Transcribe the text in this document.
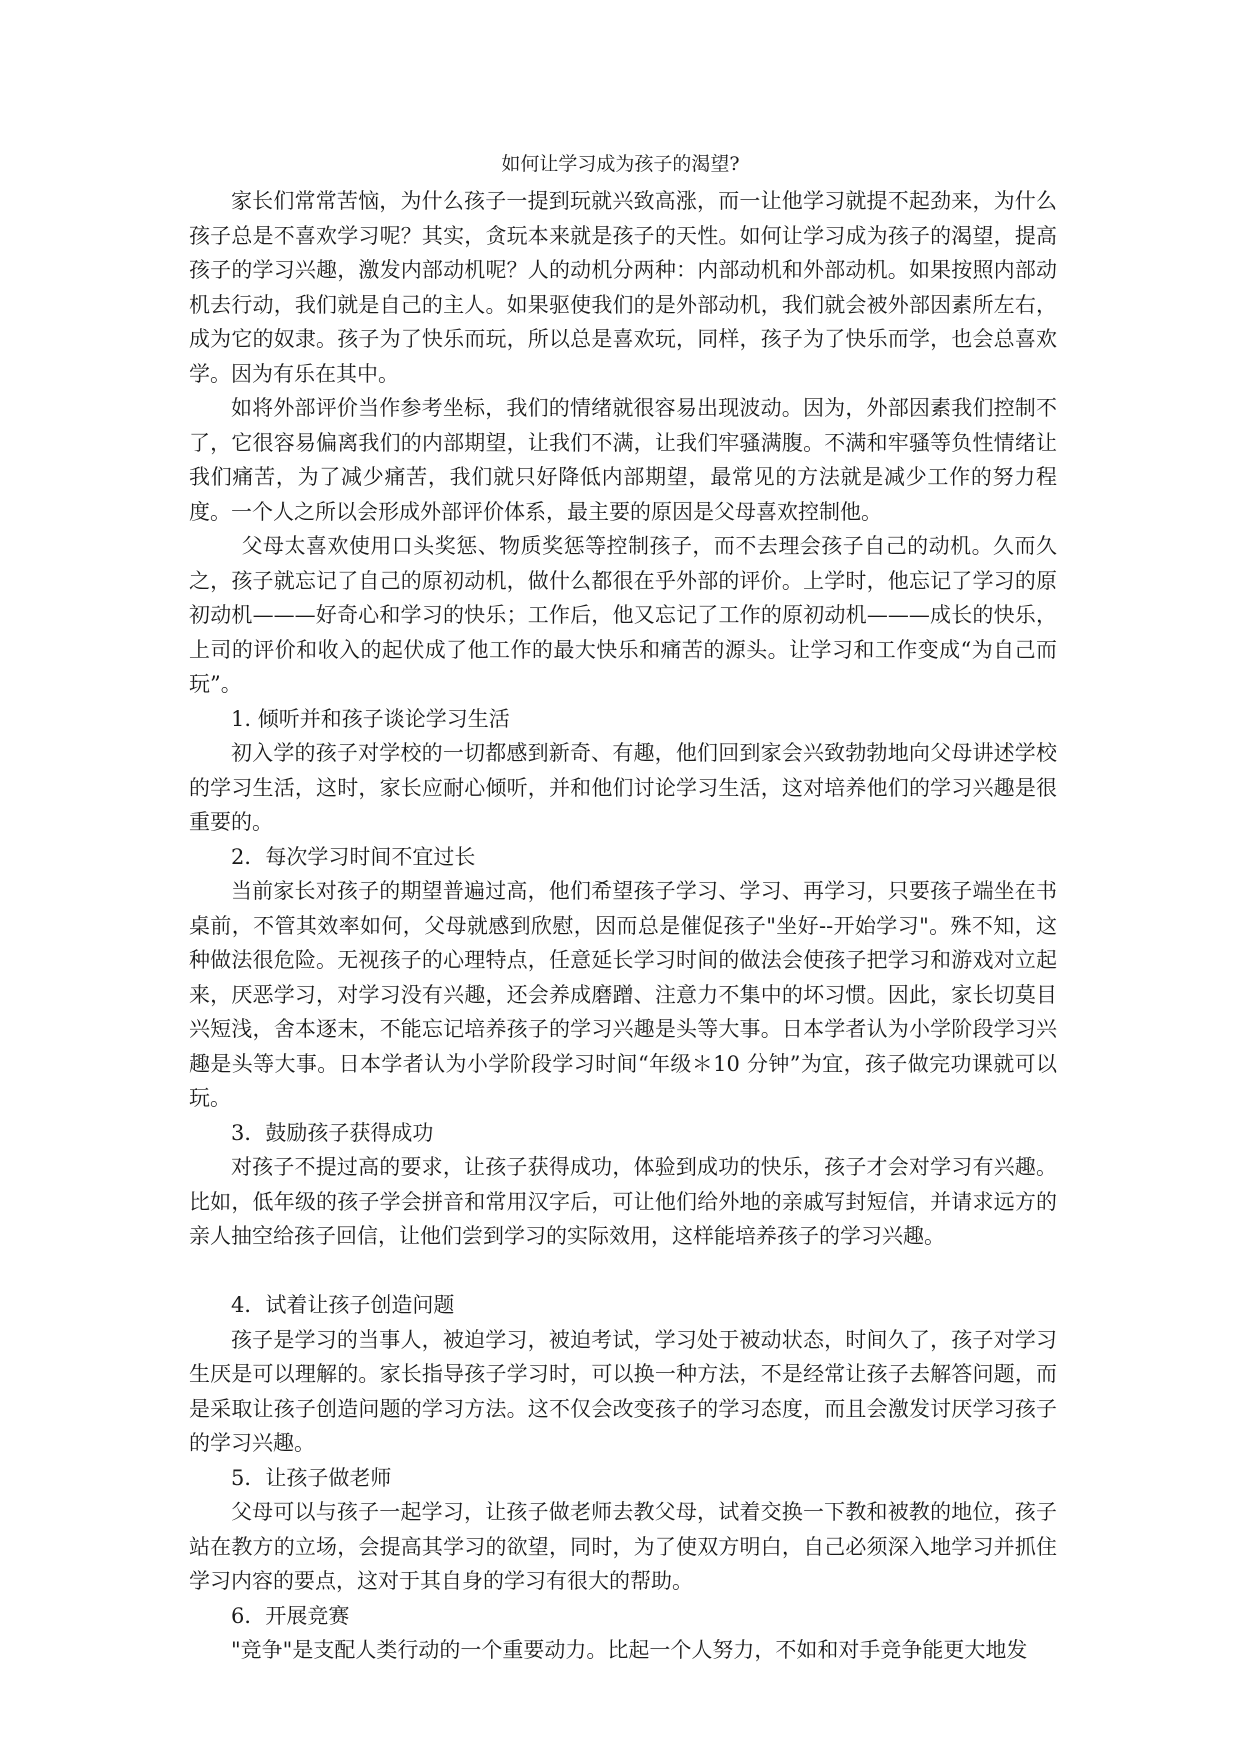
如何让学习成为孩子的渴望?

家长们常常苦恼，为什么孩子一提到玩就兴致高涨，而一让他学习就提不起劲来，为什么孩子总是不喜欢学习呢？其实，贪玩本来就是孩子的天性。如何让学习成为孩子的渴望，提高孩子的学习兴趣，激发内部动机呢？人的动机分两种：内部动机和外部动机。如果按照内部动机去行动，我们就是自己的主人。如果驱使我们的是外部动机，我们就会被外部因素所左右，成为它的奴隶。孩子为了快乐而玩，所以总是喜欢玩，同样，孩子为了快乐而学，也会总喜欢学。因为有乐在其中。

如将外部评价当作参考坐标，我们的情绪就很容易出现波动。因为，外部因素我们控制不了，它很容易偏离我们的内部期望，让我们不满，让我们牢骚满腹。不满和牢骚等负性情绪让我们痛苦，为了减少痛苦，我们就只好降低内部期望，最常见的方法就是减少工作的努力程度。一个人之所以会形成外部评价体系，最主要的原因是父母喜欢控制他。

父母太喜欢使用口头奖惩、物质奖惩等控制孩子，而不去理会孩子自己的动机。久而久之，孩子就忘记了自己的原初动机，做什么都很在乎外部的评价。上学时，他忘记了学习的原初动机———好奇心和学习的快乐；工作后，他又忘记了工作的原初动机———成长的快乐，上司的评价和收入的起伏成了他工作的最大快乐和痛苦的源头。让学习和工作变成“为自己而玩”。

1. 倾听并和孩子谈论学习生活

初入学的孩子对学校的一切都感到新奇、有趣，他们回到家会兴致勃勃地向父母讲述学校的学习生活，这时，家长应耐心倾听，并和他们讨论学习生活，这对培养他们的学习兴趣是很重要的。

2．每次学习时间不宜过长

当前家长对孩子的期望普遍过高，他们希望孩子学习、学习、再学习，只要孩子端坐在书桌前，不管其效率如何，父母就感到欣慰，因而总是催促孩子"坐好--开始学习"。殊不知，这种做法很危险。无视孩子的心理特点，任意延长学习时间的做法会使孩子把学习和游戏对立起来，厌恶学习，对学习没有兴趣，还会养成磨蹭、注意力不集中的坏习惯。因此，家长切莫目兴短浅，舍本逐末，不能忘记培养孩子的学习兴趣是头等大事。日本学者认为小学阶段学习兴趣是头等大事。日本学者认为小学阶段学习时间“年级＊10 分钟”为宜，孩子做完功课就可以玩。

3．鼓励孩子获得成功

对孩子不提过高的要求，让孩子获得成功，体验到成功的快乐，孩子才会对学习有兴趣。比如，低年级的孩子学会拼音和常用汉字后，可让他们给外地的亲戚写封短信，并请求远方的亲人抽空给孩子回信，让他们尝到学习的实际效用，这样能培养孩子的学习兴趣。

4．试着让孩子创造问题

孩子是学习的当事人，被迫学习，被迫考试，学习处于被动状态，时间久了，孩子对学习生厌是可以理解的。家长指导孩子学习时，可以换一种方法，不是经常让孩子去解答问题，而是采取让孩子创造问题的学习方法。这不仅会改变孩子的学习态度，而且会激发讨厌学习孩子的学习兴趣。

5．让孩子做老师

父母可以与孩子一起学习，让孩子做老师去教父母，试着交换一下教和被教的地位，孩子站在教方的立场，会提高其学习的欲望，同时，为了使双方明白，自己必须深入地学习并抓住学习内容的要点，这对于其自身的学习有很大的帮助。

6．开展竞赛

"竞争"是支配人类行动的一个重要动力。比起一个人努力，不如和对手竞争能更大地发
